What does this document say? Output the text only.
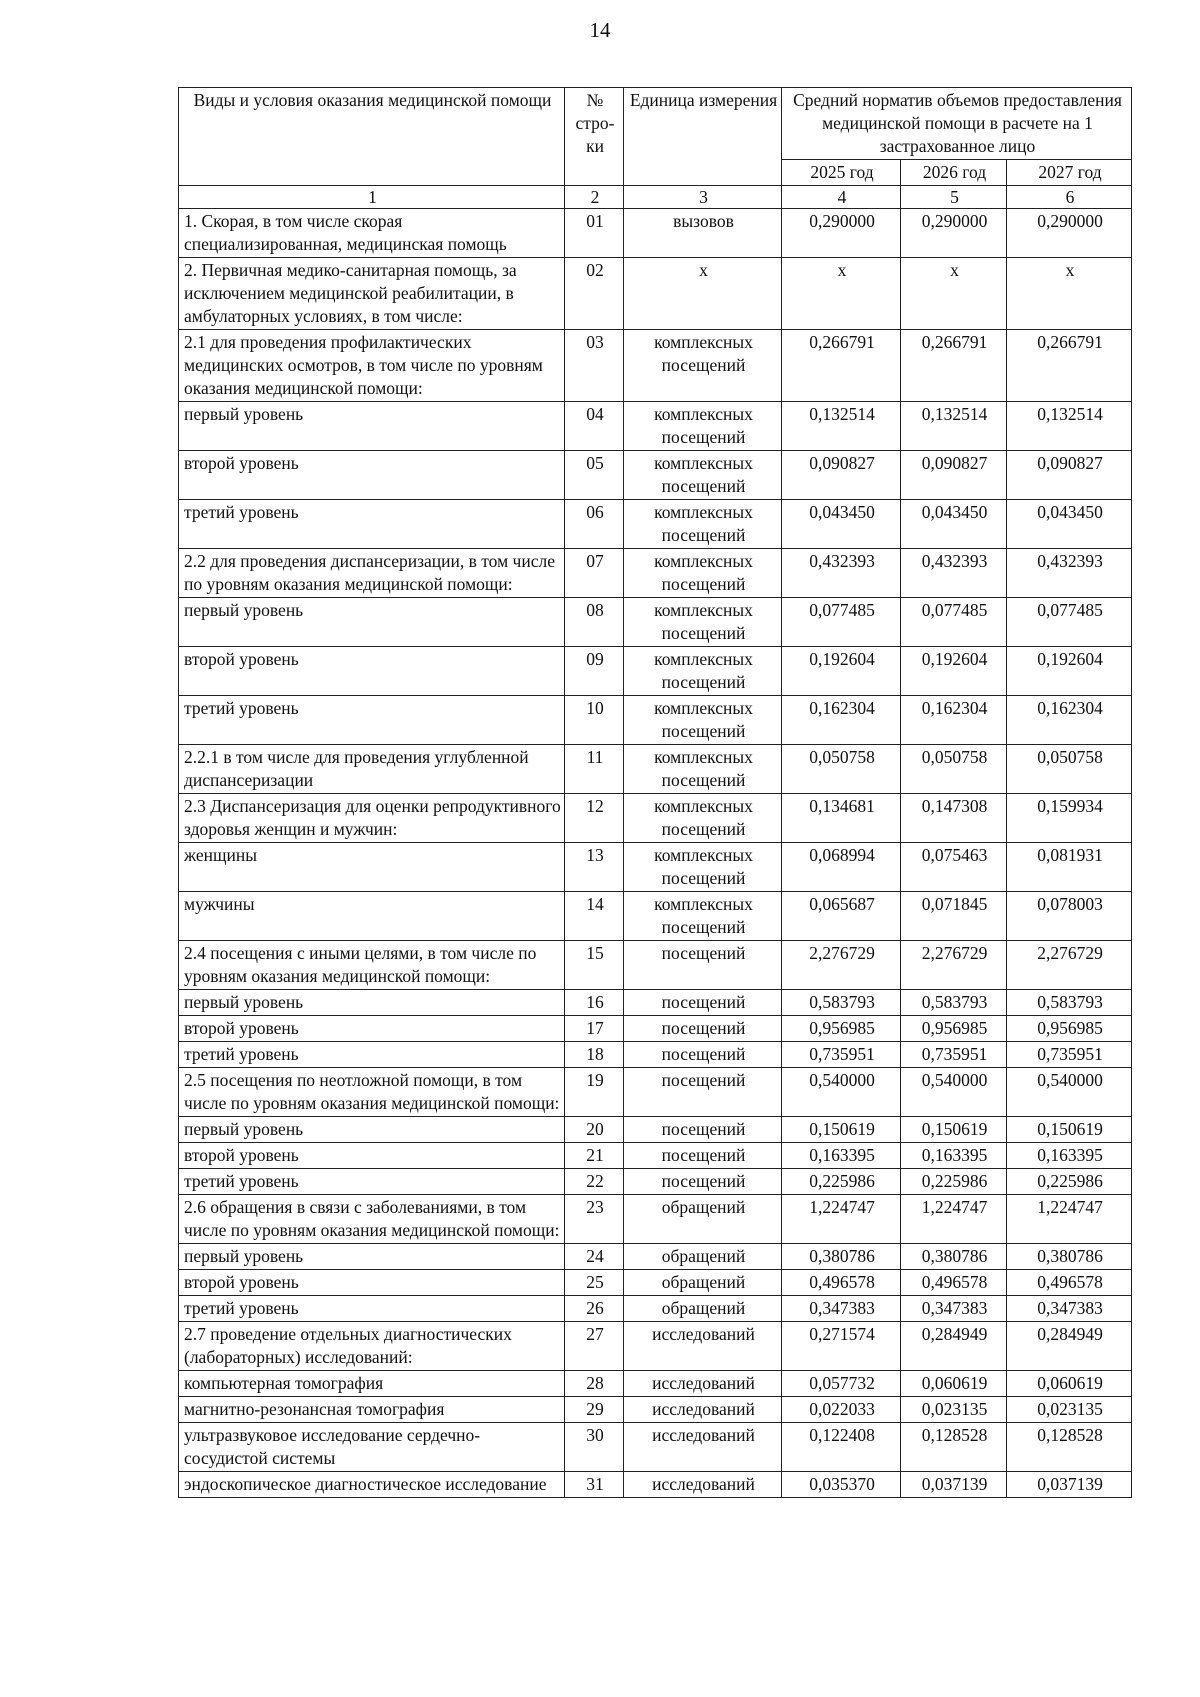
14
Виды и условия оказания медицинской помощи	№ стро-ки	Единица измерения	Средний норматив объемов предоставления медицинской помощи в расчете на 1 застрахованное лицо		
			2025 год	2026 год	2027 год
1	2	3	4	5	6
1. Скорая, в том числе скорая специализированная, медицинская помощь	01	вызовов	0,290000	0,290000	0,290000
2. Первичная медико-санитарная помощь, за исключением медицинской реабилитации, в амбулаторных условиях, в том числе:	02	x	x	x	x
2.1 для проведения профилактических медицинских осмотров, в том числе по уровням оказания медицинской помощи:	03	комплексных посещений	0,266791	0,266791	0,266791
первый уровень	04	комплексных посещений	0,132514	0,132514	0,132514
второй уровень	05	комплексных посещений	0,090827	0,090827	0,090827
третий уровень	06	комплексных посещений	0,043450	0,043450	0,043450
2.2 для проведения диспансеризации, в том числе по уровням оказания медицинской помощи:	07	комплексных посещений	0,432393	0,432393	0,432393
первый уровень	08	комплексных посещений	0,077485	0,077485	0,077485
второй уровень	09	комплексных посещений	0,192604	0,192604	0,192604
третий уровень	10	комплексных посещений	0,162304	0,162304	0,162304
2.2.1 в том числе для проведения углубленной диспансеризации	11	комплексных посещений	0,050758	0,050758	0,050758
2.3 Диспансеризация для оценки репродуктивного здоровья женщин и мужчин:	12	комплексных посещений	0,134681	0,147308	0,159934
женщины	13	комплексных посещений	0,068994	0,075463	0,081931
мужчины	14	комплексных посещений	0,065687	0,071845	0,078003
2.4 посещения с иными целями, в том числе по уровням оказания медицинской помощи:	15	посещений	2,276729	2,276729	2,276729
первый уровень	16	посещений	0,583793	0,583793	0,583793
второй уровень	17	посещений	0,956985	0,956985	0,956985
третий уровень	18	посещений	0,735951	0,735951	0,735951
2.5 посещения по неотложной помощи, в том числе по уровням оказания медицинской помощи:	19	посещений	0,540000	0,540000	0,540000
первый уровень	20	посещений	0,150619	0,150619	0,150619
второй уровень	21	посещений	0,163395	0,163395	0,163395
третий уровень	22	посещений	0,225986	0,225986	0,225986
2.6 обращения в связи с заболеваниями, в том числе по уровням оказания медицинской помощи:	23	обращений	1,224747	1,224747	1,224747
первый уровень	24	обращений	0,380786	0,380786	0,380786
второй уровень	25	обращений	0,496578	0,496578	0,496578
третий уровень	26	обращений	0,347383	0,347383	0,347383
2.7 проведение отдельных диагностических (лабораторных) исследований:	27	исследований	0,271574	0,284949	0,284949
компьютерная томография	28	исследований	0,057732	0,060619	0,060619
магнитно-резонансная томография	29	исследований	0,022033	0,023135	0,023135
ультразвуковое исследование сердечно-сосудистой системы	30	исследований	0,122408	0,128528	0,128528
эндоскопическое диагностическое исследование	31	исследований	0,035370	0,037139	0,037139
